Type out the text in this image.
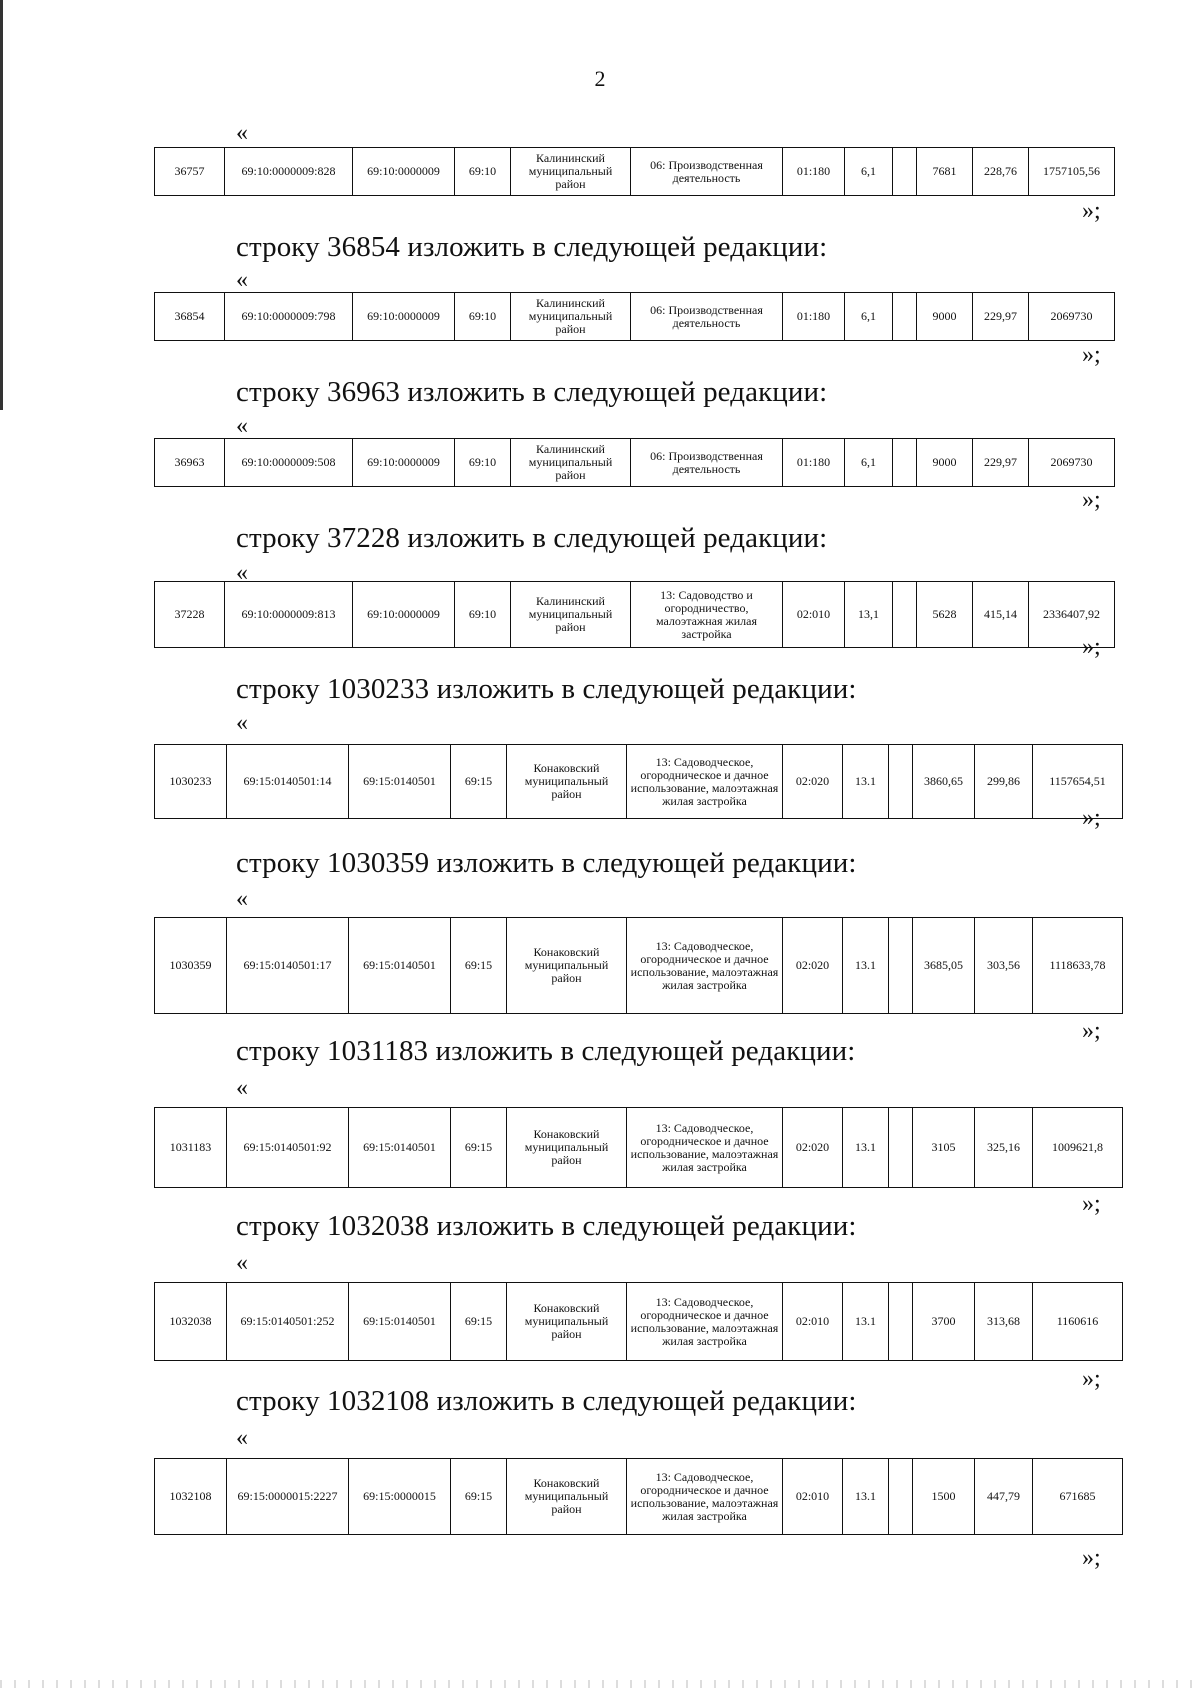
2
«
36757	69:10:0000009:828	69:10:0000009	69:10	Калининский муниципальный район	06: Производственная деятельность	01:180	6,1		7681	228,76	1757105,56
»;
строку 36854 изложить в следующей редакции:
«
36854	69:10:0000009:798	69:10:0000009	69:10	Калининский муниципальный район	06: Производственная деятельность	01:180	6,1		9000	229,97	2069730
»;
строку 36963 изложить в следующей редакции:
«
36963	69:10:0000009:508	69:10:0000009	69:10	Калининский муниципальный район	06: Производственная деятельность	01:180	6,1		9000	229,97	2069730
»;
строку 37228 изложить в следующей редакции:
«
37228	69:10:0000009:813	69:10:0000009	69:10	Калининский муниципальный район	13: Садоводство и огородничество, малоэтажная жилая застройка	02:010	13,1		5628	415,14	2336407,92
»;
строку 1030233 изложить в следующей редакции:
«
1030233	69:15:0140501:14	69:15:0140501	69:15	Конаковский муниципальный район	13: Садоводческое, огородническое и дачное использование, малоэтажная жилая застройка	02:020	13.1		3860,65	299,86	1157654,51
»;
строку 1030359 изложить в следующей редакции:
«
1030359	69:15:0140501:17	69:15:0140501	69:15	Конаковский муниципальный район	13: Садоводческое, огородническое и дачное использование, малоэтажная жилая застройка	02:020	13.1		3685,05	303,56	1118633,78
»;
строку 1031183 изложить в следующей редакции:
«
1031183	69:15:0140501:92	69:15:0140501	69:15	Конаковский муниципальный район	13: Садоводческое, огородническое и дачное использование, малоэтажная жилая застройка	02:020	13.1		3105	325,16	1009621,8
»;
строку 1032038 изложить в следующей редакции:
«
1032038	69:15:0140501:252	69:15:0140501	69:15	Конаковский муниципальный район	13: Садоводческое, огородническое и дачное использование, малоэтажная жилая застройка	02:010	13.1		3700	313,68	1160616
»;
строку 1032108 изложить в следующей редакции:
«
1032108	69:15:0000015:2227	69:15:0000015	69:15	Конаковский муниципальный район	13: Садоводческое, огородническое и дачное использование, малоэтажная жилая застройка	02:010	13.1		1500	447,79	671685
»;
